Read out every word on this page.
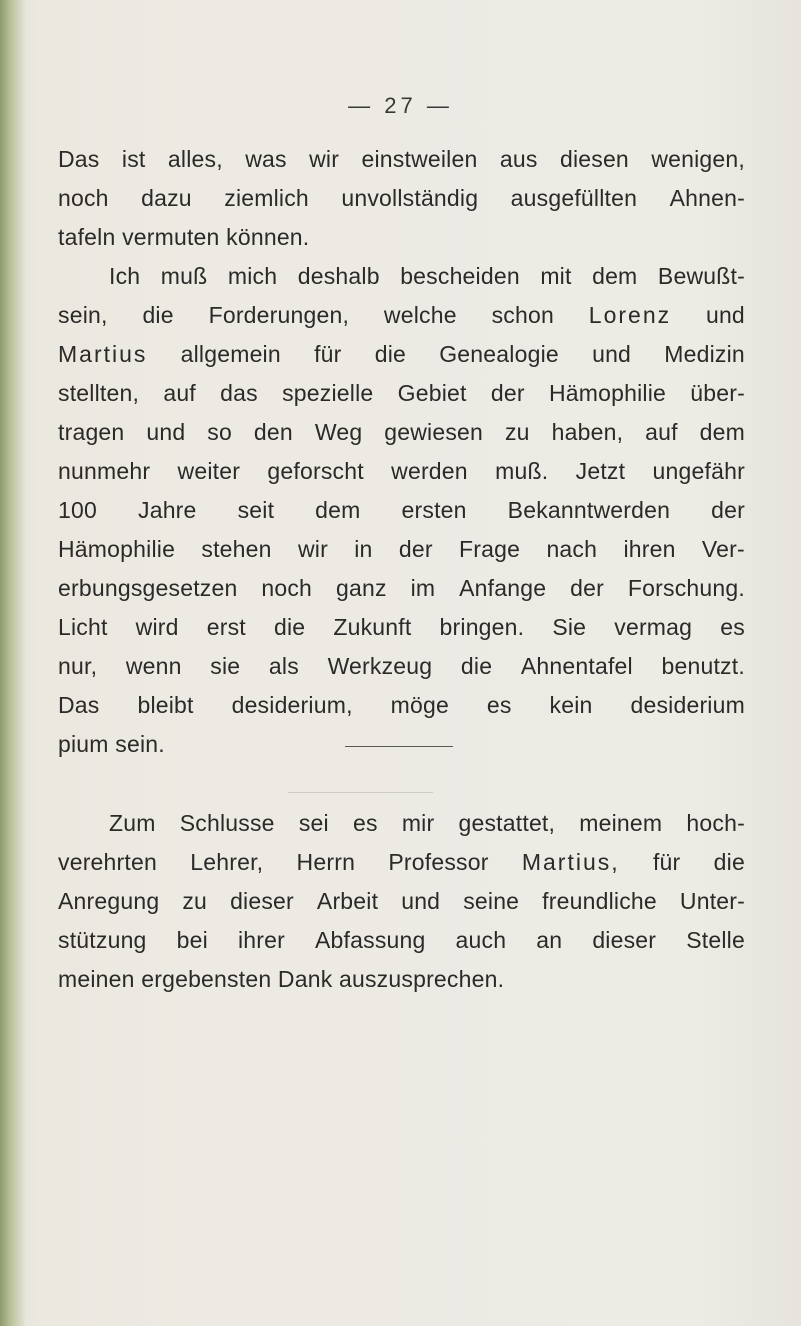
— 27 —
Das ist alles, was wir einstweilen aus diesen wenigen,
noch dazu ziemlich unvollständig ausgefüllten Ahnen-
tafeln vermuten können.
Ich muß mich deshalb bescheiden mit dem Bewußt-
sein, die Forderungen, welche schon Lorenz und
Martius allgemein für die Genealogie und Medizin
stellten, auf das spezielle Gebiet der Hämophilie über-
tragen und so den Weg gewiesen zu haben, auf dem
nunmehr weiter geforscht werden muß. Jetzt ungefähr
100 Jahre seit dem ersten Bekanntwerden der
Hämophilie stehen wir in der Frage nach ihren Ver-
erbungsgesetzen noch ganz im Anfange der Forschung.
Licht wird erst die Zukunft bringen. Sie vermag es
nur, wenn sie als Werkzeug die Ahnentafel benutzt.
Das bleibt desiderium, möge es kein desiderium
pium sein.
Zum Schlusse sei es mir gestattet, meinem hoch-
verehrten Lehrer, Herrn Professor Martius, für die
Anregung zu dieser Arbeit und seine freundliche Unter-
stützung bei ihrer Abfassung auch an dieser Stelle
meinen ergebensten Dank auszusprechen.
